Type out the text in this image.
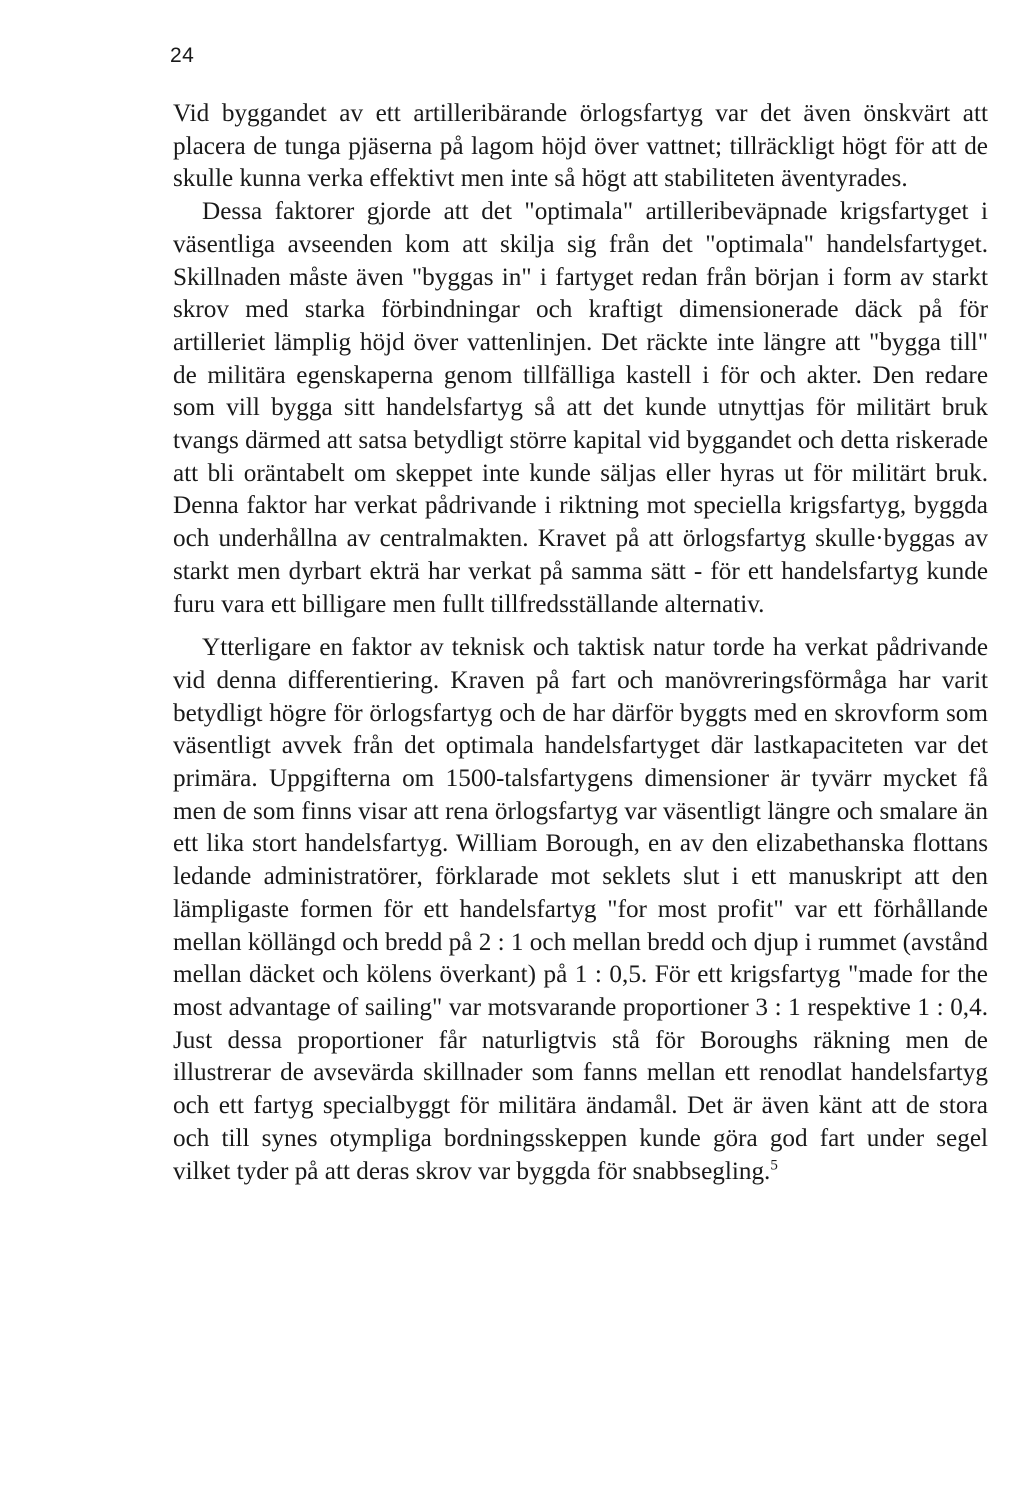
24

Vid byggandet av ett artilleribärande örlogsfartyg var det även önskvärt att placera de tunga pjäserna på lagom höjd över vattnet; tillräckligt högt för att de skulle kunna verka effektivt men inte så högt att stabiliteten äventyrades.

Dessa faktorer gjorde att det "optimala" artilleribeväpnade krigsfartyget i väsentliga avseenden kom att skilja sig från det "optimala" handelsfartyget. Skillnaden måste även "byggas in" i fartyget redan från början i form av starkt skrov med starka förbindningar och kraftigt dimensionerade däck på för artilleriet lämplig höjd över vattenlinjen. Det räckte inte längre att "bygga till" de militära egenskaperna genom tillfälliga kastell i för och akter. Den redare som vill bygga sitt handelsfartyg så att det kunde utnyttjas för militärt bruk tvangs därmed att satsa betydligt större kapital vid byggandet och detta riskerade att bli oräntabelt om skeppet inte kunde säljas eller hyras ut för militärt bruk. Denna faktor har verkat pådrivande i riktning mot speciella krigsfartyg, byggda och underhållna av centralmakten. Kravet på att örlogsfartyg skulle·byggas av starkt men dyrbart ekträ har verkat på samma sätt - för ett handelsfartyg kunde furu vara ett billigare men fullt tillfredsställande alternativ.

Ytterligare en faktor av teknisk och taktisk natur torde ha verkat pådrivande vid denna differentiering. Kraven på fart och manövreringsförmåga har varit betydligt högre för örlogsfartyg och de har därför byggts med en skrovform som väsentligt avvek från det optimala handelsfartyget där lastkapaciteten var det primära. Uppgifterna om 1500-talsfartygens dimensioner är tyvärr mycket få men de som finns visar att rena örlogsfartyg var väsentligt längre och smalare än ett lika stort handelsfartyg. William Borough, en av den elizabethanska flottans ledande administratörer, förklarade mot seklets slut i ett manuskript att den lämpligaste formen för ett handelsfartyg "for most profit" var ett förhållande mellan köllängd och bredd på 2 : 1 och mellan bredd och djup i rummet (avstånd mellan däcket och kölens överkant) på 1 : 0,5. För ett krigsfartyg "made for the most advantage of sailing" var motsvarande proportioner 3 : 1 respektive 1 : 0,4. Just dessa proportioner får naturligtvis stå för Boroughs räkning men de illustrerar de avsevärda skillnader som fanns mellan ett renodlat handelsfartyg och ett fartyg specialbyggt för militära ändamål. Det är även känt att de stora och till synes otympliga bordningsskeppen kunde göra god fart under segel vilket tyder på att deras skrov var byggda för snabbsegling.$^5$
